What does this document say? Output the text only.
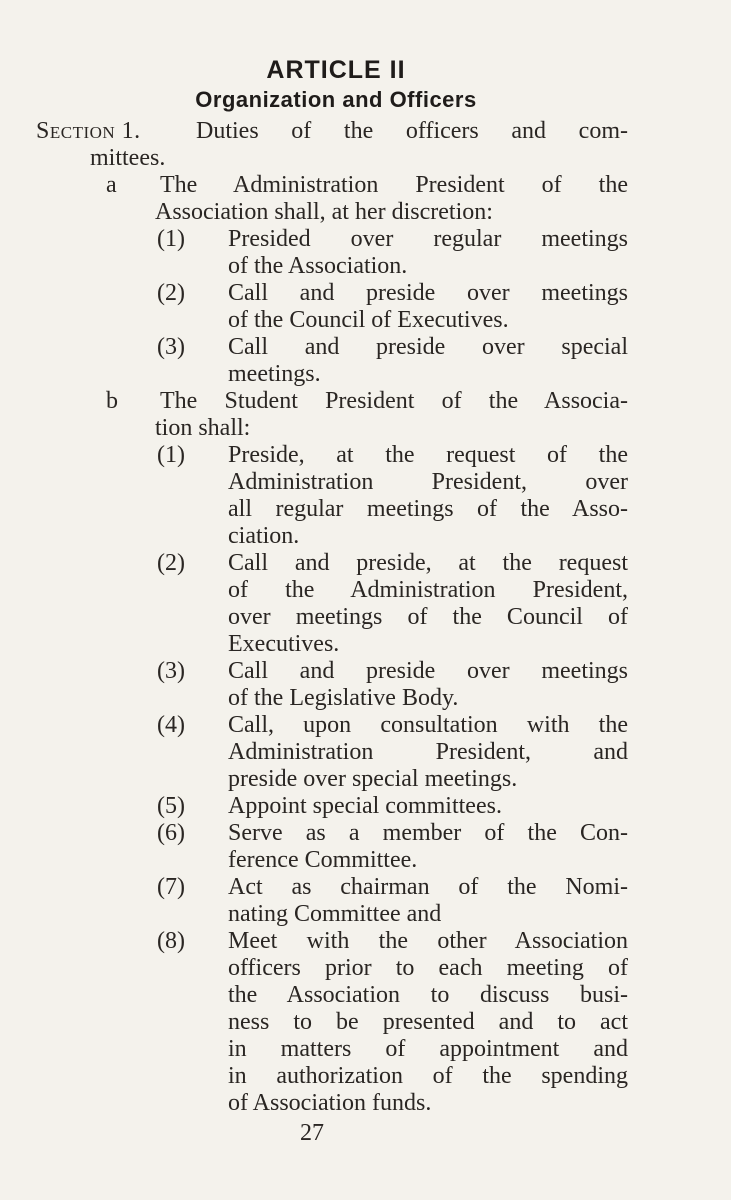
ARTICLE II
Organization and Officers
Section 1. Duties of the officers and com-
mittees.
a The Administration President of the
Association shall, at her discretion:
(1) Presided over regular meetings
of the Association.
(2) Call and preside over meetings
of the Council of Executives.
(3) Call and preside over special
meetings.
b The Student President of the Associa-
tion shall:
(1) Preside, at the request of the
Administration President, over
all regular meetings of the Asso-
ciation.
(2) Call and preside, at the request
of the Administration President,
over meetings of the Council of
Executives.
(3) Call and preside over meetings
of the Legislative Body.
(4) Call, upon consultation with the
Administration President, and
preside over special meetings.
(5) Appoint special committees.
(6) Serve as a member of the Con-
ference Committee.
(7) Act as chairman of the Nomi-
nating Committee and
(8) Meet with the other Association
officers prior to each meeting of
the Association to discuss busi-
ness to be presented and to act
in matters of appointment and
in authorization of the spending
of Association funds.
27
